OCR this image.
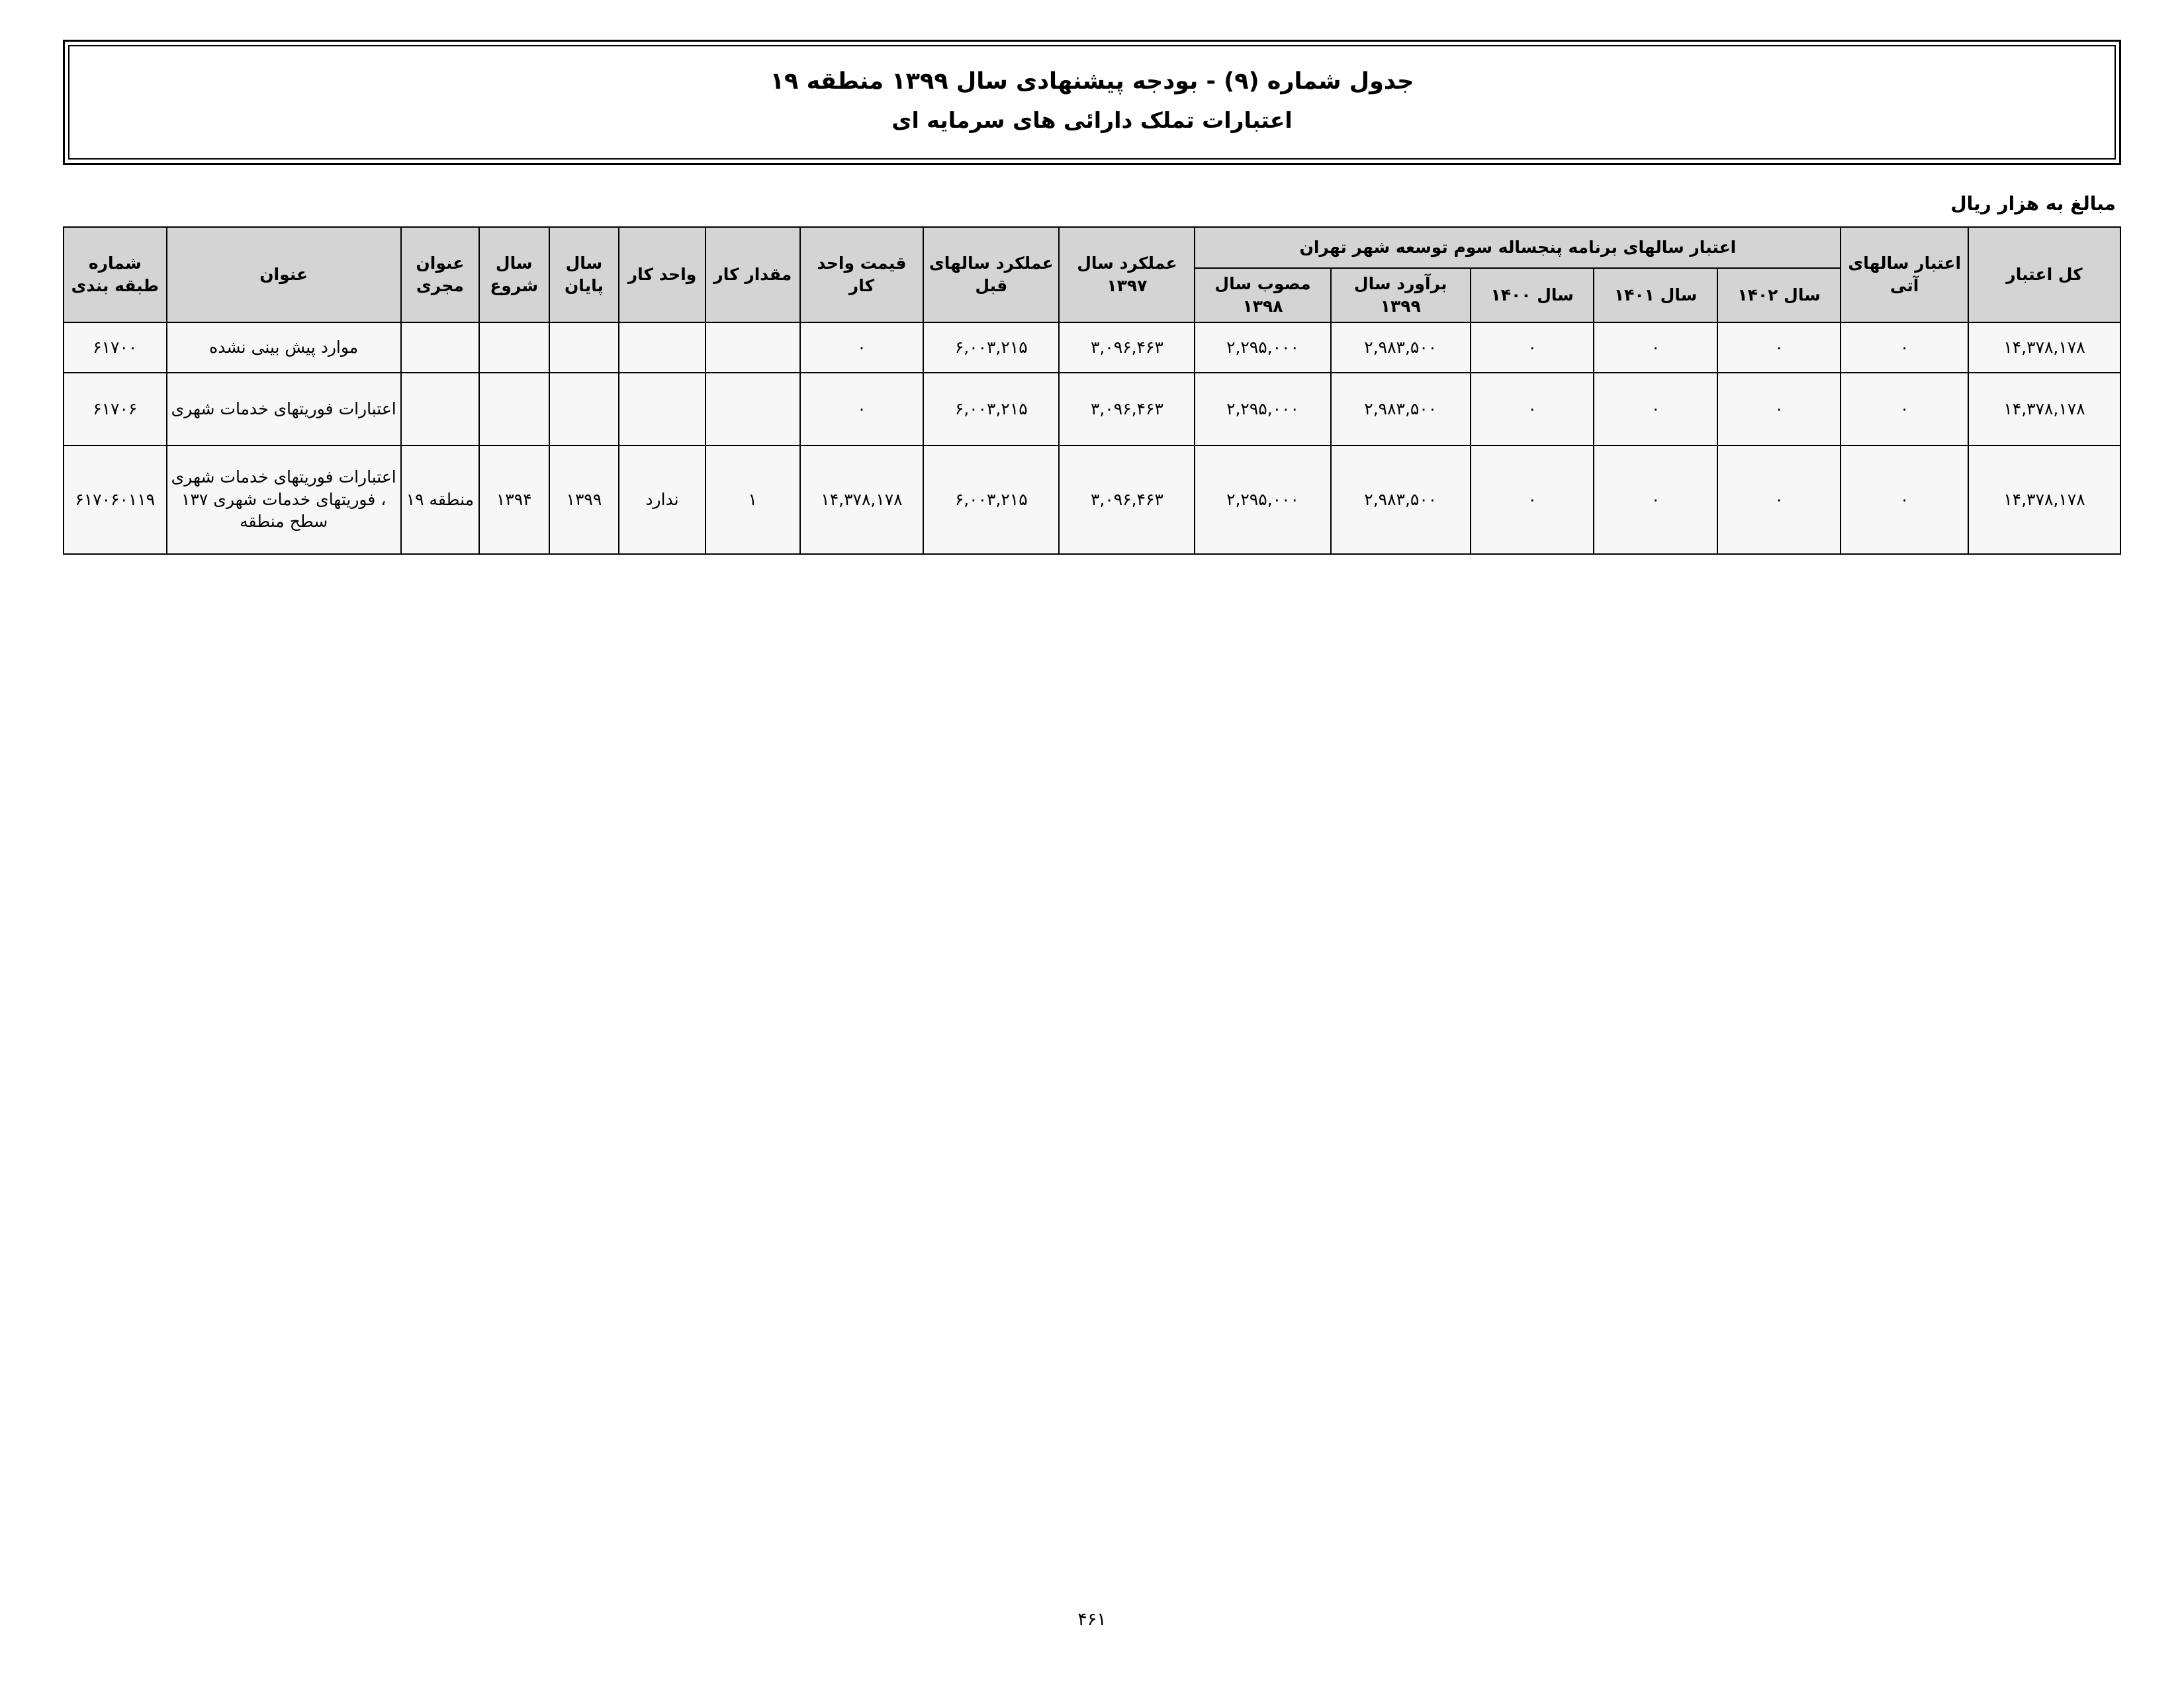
جدول شماره (۹) - بودجه پیشنهادی سال ۱۳۹۹ منطقه ۱۹
اعتبارات تملک دارائی های سرمایه ای
مبالغ به هزار ریال
کل اعتبار	اعتبار سالهای آتی	اعتبار سالهای برنامه پنجساله سوم توسعه شهر تهران					عملکرد سال ۱۳۹۷	عملکرد سالهای قبل	قیمت واحد کار	مقدار کار	واحد کار	سال پایان	سال شروع	عنوان مجری	عنوان	شماره طبقه بندی
		سال ۱۴۰۲	سال ۱۴۰۱	سال ۱۴۰۰	برآورد سال ۱۳۹۹	مصوب سال ۱۳۹۸										
۱۴,۳۷۸,۱۷۸	۰	۰	۰	۰	۲,۹۸۳,۵۰۰	۲,۲۹۵,۰۰۰	۳,۰۹۶,۴۶۳	۶,۰۰۳,۲۱۵	۰						موارد پیش بینی نشده	۶۱۷۰۰
۱۴,۳۷۸,۱۷۸	۰	۰	۰	۰	۲,۹۸۳,۵۰۰	۲,۲۹۵,۰۰۰	۳,۰۹۶,۴۶۳	۶,۰۰۳,۲۱۵	۰						اعتبارات فوریتهای خدمات شهری	۶۱۷۰۶
۱۴,۳۷۸,۱۷۸	۰	۰	۰	۰	۲,۹۸۳,۵۰۰	۲,۲۹۵,۰۰۰	۳,۰۹۶,۴۶۳	۶,۰۰۳,۲۱۵	۱۴,۳۷۸,۱۷۸	۱	ندارد	۱۳۹۹	۱۳۹۴	منطقه ۱۹	اعتبارات فوریتهای خدمات شهری ، فوریتهای خدمات شهری ۱۳۷ سطح منطقه	۶۱۷۰۶۰۱۱۹
۴۶۱
